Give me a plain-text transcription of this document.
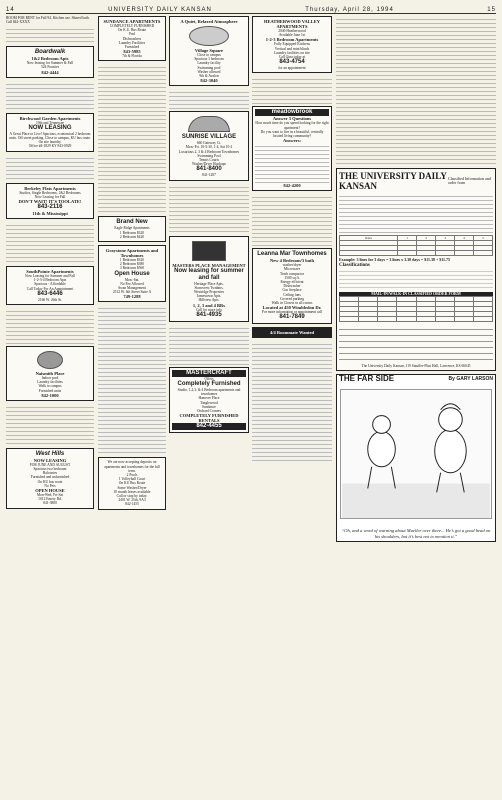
14	UNIVERSITY DAILY KANSAN	Thursday, April 28, 1994	15
ROOM FOR RENT for Fall 94. Kitchen use. Shared bath. Call 842-XXXX
Boardwalk
1&2 Bedroom Apts

Now leasing for Summer & Fall

524 Frontier

842-4444
Birchwood Garden Apartments

19th and Tennessee

NOW LEASING

A Great Place to Live! Spacious, economical 2 bedroom units. Off street parking. Close to campus, KU bus route. On site laundry.

Office #4-1829 KY 843-0929

Berkeley Flats Apartments

Studios, Single Bedrooms, 1&2 Bedrooms

Now Leasing for Fall

DON'T WAIT! IT'S TOOLATE!
843-2116
11th & Mississippi
SouthPointe Apartments

Now Leasing for Summer and Fall

1-2-3-4 Bedroom Apts

Spacious - Affordable

Call Today For An Appointment

843-6446

2166 W. 26th St.

Naismith Place

Indoor pool

Laundry facilities

Walk to campus

Furnished units

842-1000
West Hills
NOW LEASING

FOR JUNE AND AUGUST

Spacious two bedroom

Balconies

Furnished and unfurnished

On KU bus route

No Pets

OPEN HOUSE

Mon-Wed, Fri-Sat

1012 Emery Rd.

841-3800

SUNDANCE APARTMENTS

COMPLETELY FURNISHED

On K.U. Bus Route

Pool

Dishwashers

Laundry Facilities

Furnished

843-5985

7th & Florida

Brand New

Eagle Ridge Apartments

1 Bedroom $320

2 Bedroom $420

Graystone Apartments and Townhomes

1 Bedroom $320

2 Bedroom $380

3 Bedroom $560

Open House

Mon.-Sat.

No Fee Allowed

Swan Management

2512 W. 6th Street Suite A

749-1288

We are now accepting deposits on apartments and townhomes for the fall term.

2 Pools

1 Volleyball Court

On KU Bus Route

Some Washer/Dryer

10 month leases available

Call or stop by today.

2401 W. 25th, 9A3

842-1455

A Quiet, Relaxed Atmosphere
Village Square

Close to campus

Spacious 1 bedroom

Laundry facility

Swimming pool

Washer allowed

9th & Avalon

842-3040
SUNRISE VILLAGE

660 Gateway Ct.

Mon.-Fri. 10-5:30, 1-4, Sat 10-2

Luxurious 2, 3 & 4 Bedroom Townhomes

Swimming Pool

Tennis Courts

Washer/Dryer Hookups

841-8400

841-1287

MASTERS PLACE MANAGEMENT
Now leasing for summer and fall

Heritage Place Apts.

Stonecrest Twnhms.

Westridge Properties

Jamestown Apts.

Hillview Apts.

1, 2, 3 and 4 BRs

Call for more info

841-4935
MASTERCRAFT

Offers

Completely Furnished

Studio, 1,2,3, & 4 Bedroom apartments and townhomes

Hanover Place

Tanglewood

Sundance

Orchard Corners

COMPLETELY FURNISHED RENTALS
842-4455
HEATHERWOOD VALLEY APARTMENTS

2040 Heatherwood

Available June 1st

1-2-3 Bedroom Apartments

Fully Equipped Kitchens

Vertical and mini blinds

Laundry facilities on site

Call Gina today at

843-4754

for an appointment

meadowbrook
Answer 3 Questions

How much time do you spend looking for the right apartment?

Do you want to live in a beautiful, centrally located living community?

Answers:
842-4200
Leanna Mar Townhomes
New 4 Bedroom/3 bath

washer/dryer

Microwave

Trash compactor

1500 sq ft.

Energy efficient

Dishwasher

Gas fireplace

Ceiling fans

Covered parking

Walk in Closets in all rooms

Located at 450 Wimbledon Dr.

For more information or appointment call

841-7849
4/4 Roommate Wanted
THE UNIVERSITY DAILY KANSAN
Classified Information and order form
Rates	1	2	3	4	5

Example: 3 lines for 3 days = 3 lines x 3.30 days = $11.38 + $11.75

Classifications
MAIL-IN/WALK-IN CLASSIFIED ORDER FORM

The University Daily Kansan, 119 Stauffer-Flint Hall, Lawrence, KS 66045

THE FAR SIDE	By GARY LARSON

“Oh, and a word of warning about Mueller over there... He’s got a good head on his shoulders, but it’s best not to mention it.”
